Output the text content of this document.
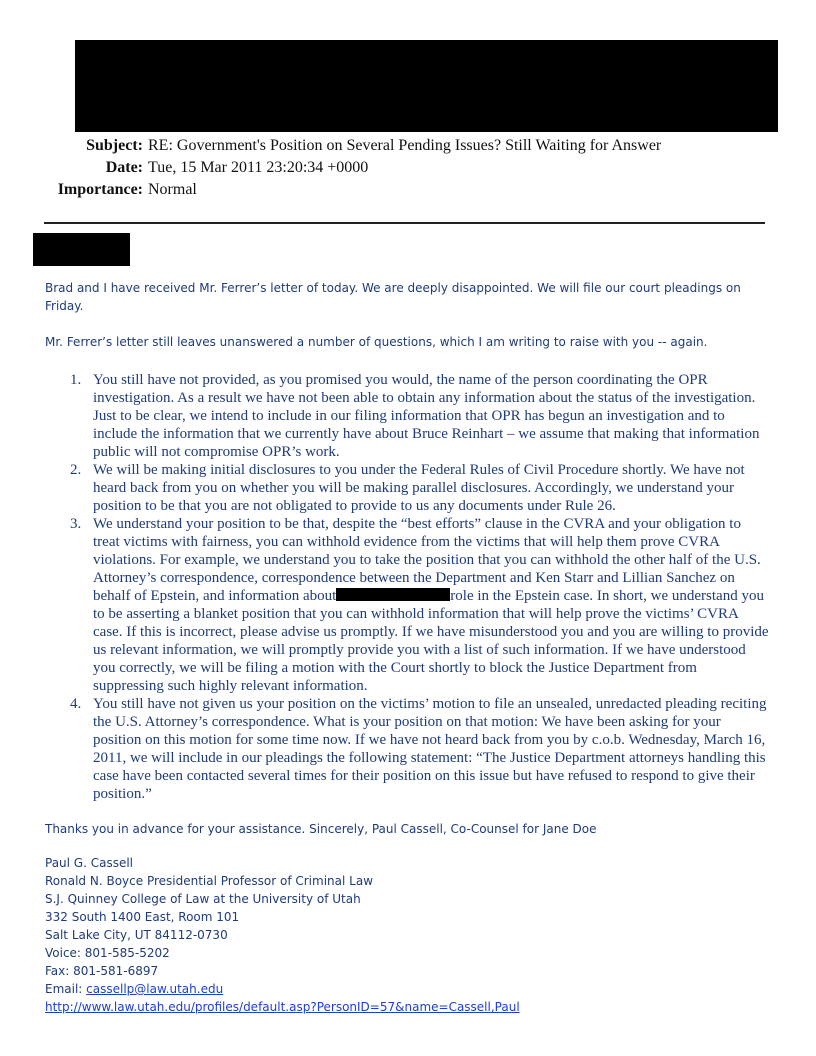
Subject: RE: Government's Position on Several Pending Issues? Still Waiting for Answer
Date: Tue, 15 Mar 2011 23:20:34 +0000
Importance: Normal

Brad and I have received Mr. Ferrer’s letter of today. We are deeply disappointed. We will file our court pleadings on Friday.

Mr. Ferrer’s letter still leaves unanswered a number of questions, which I am writing to raise with you -- again.

1. You still have not provided, as you promised you would, the name of the person coordinating the OPR investigation. As a result we have not been able to obtain any information about the status of the investigation. Just to be clear, we intend to include in our filing information that OPR has begun an investigation and to include the information that we currently have about Bruce Reinhart – we assume that making that information public will not compromise OPR’s work.
2. We will be making initial disclosures to you under the Federal Rules of Civil Procedure shortly. We have not heard back from you on whether you will be making parallel disclosures. Accordingly, we understand your position to be that you are not obligated to provide to us any documents under Rule 26.
3. We understand your position to be that, despite the “best efforts” clause in the CVRA and your obligation to treat victims with fairness, you can withhold evidence from the victims that will help them prove CVRA violations. For example, we understand you to take the position that you can withhold the other half of the U.S. Attorney’s correspondence, correspondence between the Department and Ken Starr and Lillian Sanchez on behalf of Epstein, and information about	role in the Epstein case. In short, we understand you to be asserting a blanket position that you can withhold information that will help prove the victims’ CVRA case. If this is incorrect, please advise us promptly. If we have misunderstood you and you are willing to provide us relevant information, we will promptly provide you with a list of such information. If we have understood you correctly, we will be filing a motion with the Court shortly to block the Justice Department from suppressing such highly relevant information.
4. You still have not given us your position on the victims’ motion to file an unsealed, unredacted pleading reciting the U.S. Attorney’s correspondence. What is your position on that motion: We have been asking for your position on this motion for some time now. If we have not heard back from you by c.o.b. Wednesday, March 16, 2011, we will include in our pleadings the following statement: “The Justice Department attorneys handling this case have been contacted several times for their position on this issue but have refused to respond to give their position.”

Thanks you in advance for your assistance. Sincerely, Paul Cassell, Co-Counsel for Jane Doe

Paul G. Cassell
Ronald N. Boyce Presidential Professor of Criminal Law
S.J. Quinney College of Law at the University of Utah
332 South 1400 East, Room 101
Salt Lake City, UT 84112-0730
Voice: 801-585-5202
Fax: 801-581-6897
Email: cassellp@law.utah.edu
http://www.law.utah.edu/profiles/default.asp?PersonID=57&name=Cassell,Paul
